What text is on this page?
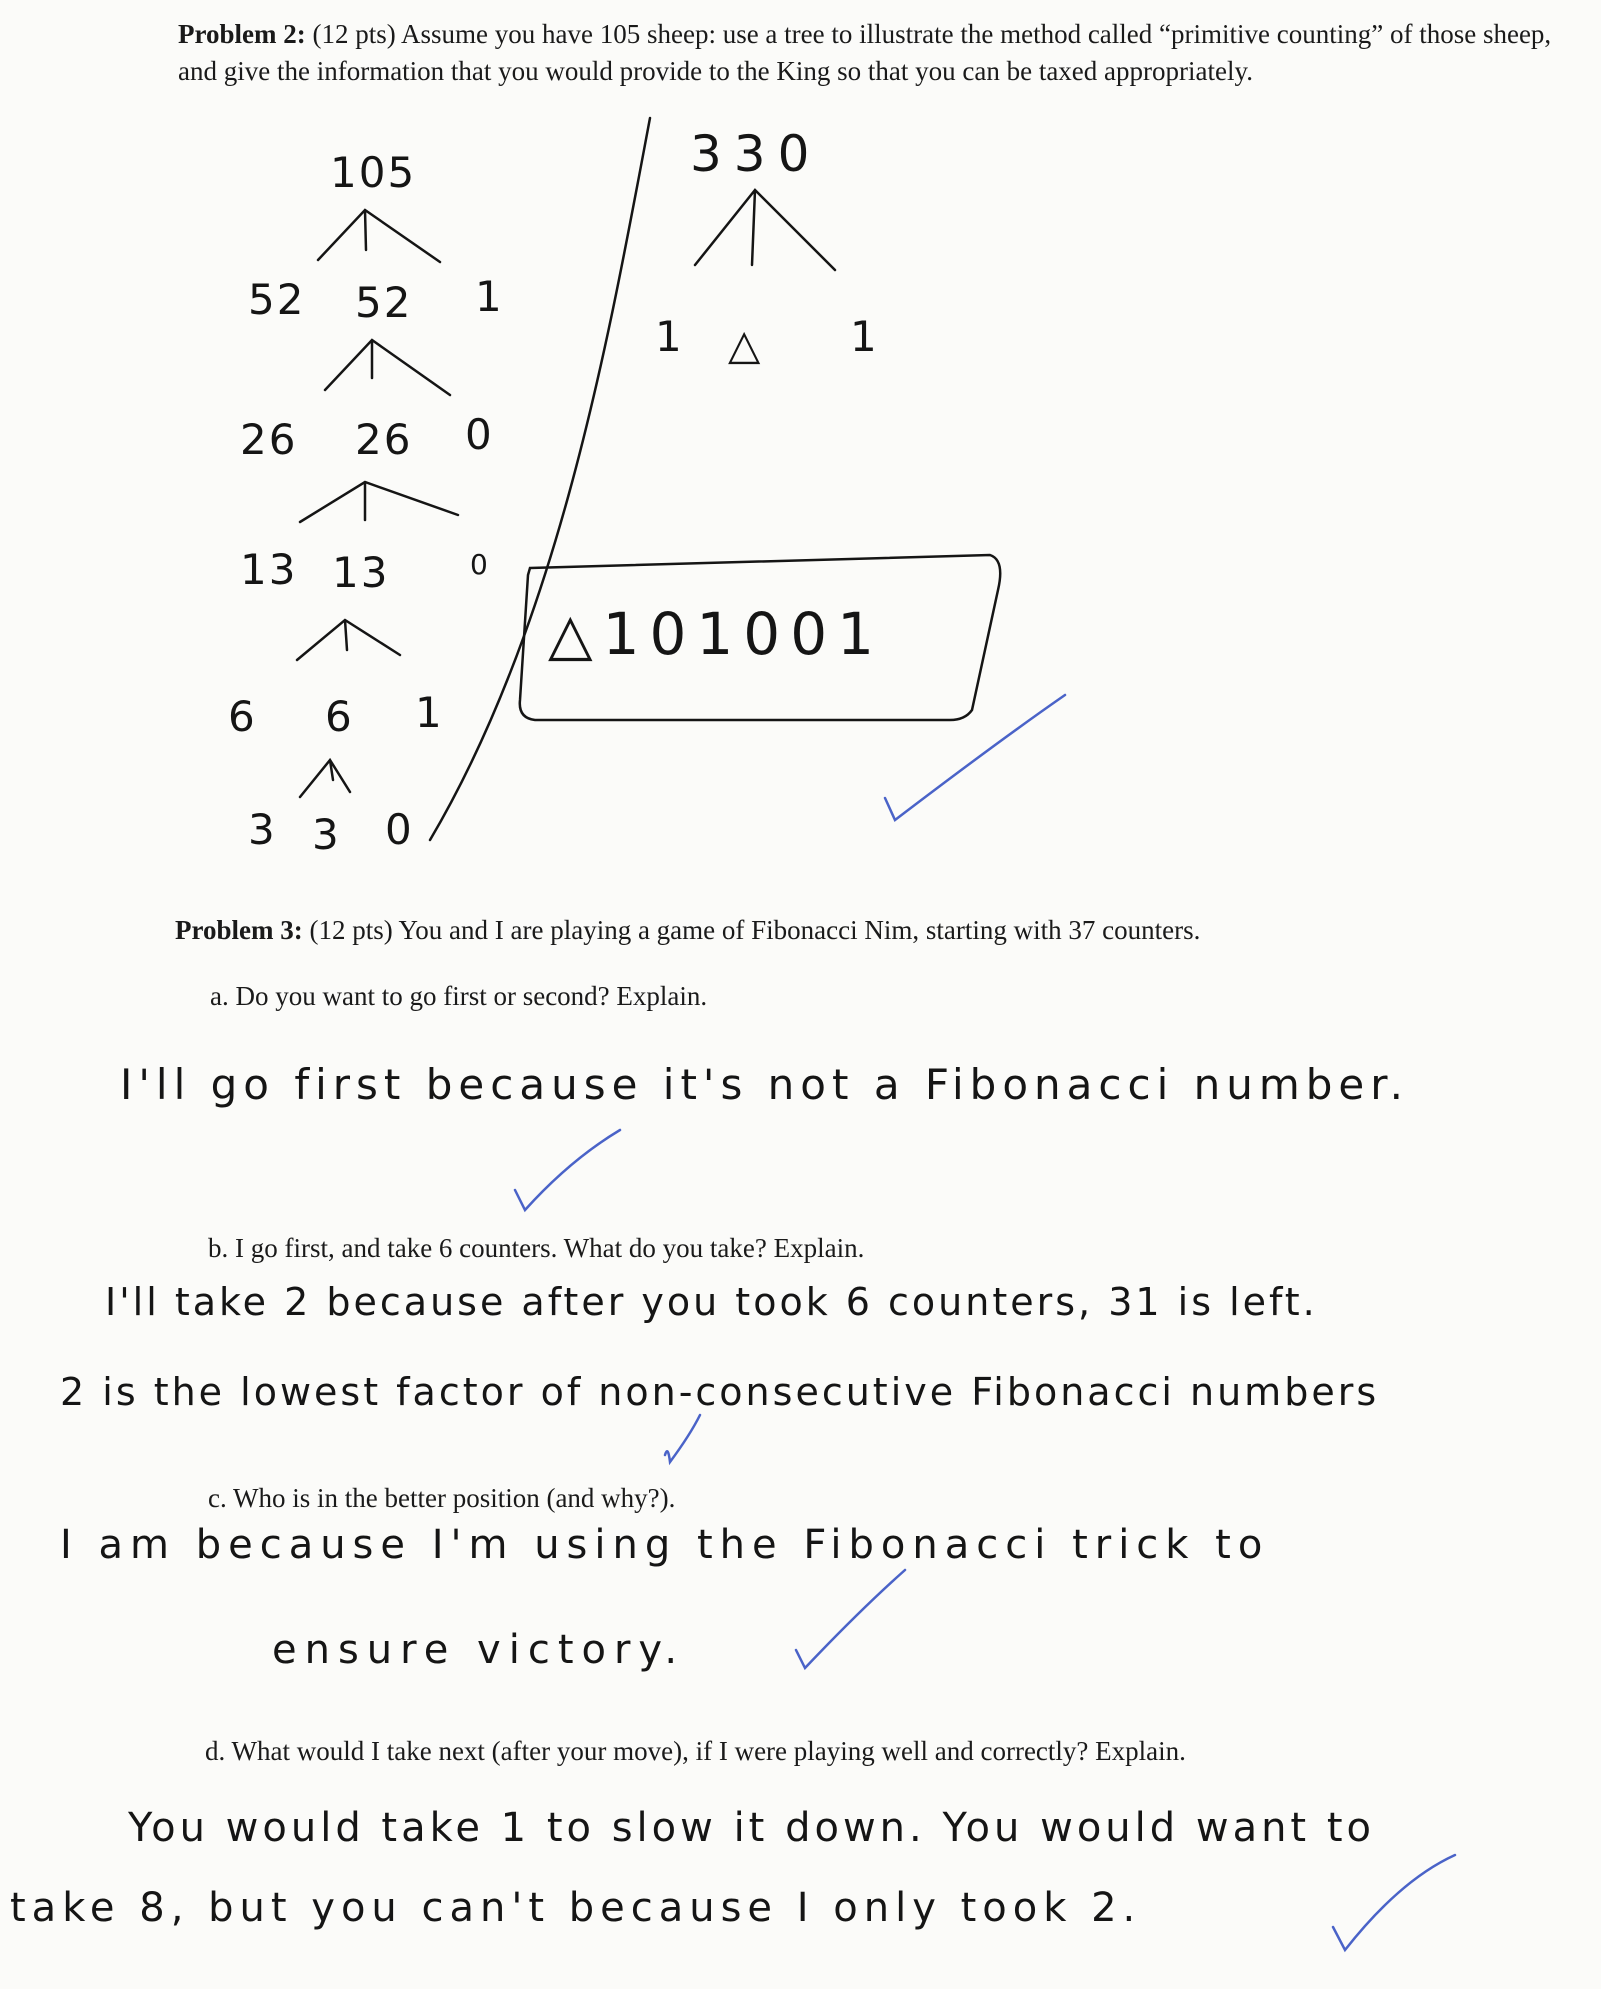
Problem 2: (12 pts) Assume you have 105 sheep: use a tree to illustrate the method called “primitive counting” of those sheep, and give the information that you would provide to the King so that you can be taxed appropriately.
105
52 52 1
26 26 0
13 13	0
6 6 1
3 3 0
330
1 △ 1
△101001
Problem 3: (12 pts) You and I are playing a game of Fibonacci Nim, starting with 37 counters.
a. Do you want to go first or second? Explain.
I'll go first because it's not a Fibonacci number.
b. I go first, and take 6 counters. What do you take? Explain.
I'll take 2 because after you took 6 counters, 31 is left.
2 is the lowest factor of non-consecutive Fibonacci numbers
c. Who is in the better position (and why?).
I am because I'm using the Fibonacci trick to
ensure victory.
d. What would I take next (after your move), if I were playing well and correctly? Explain.
You would take 1 to slow it down. You would want to
take 8, but you can't because I only took 2.
